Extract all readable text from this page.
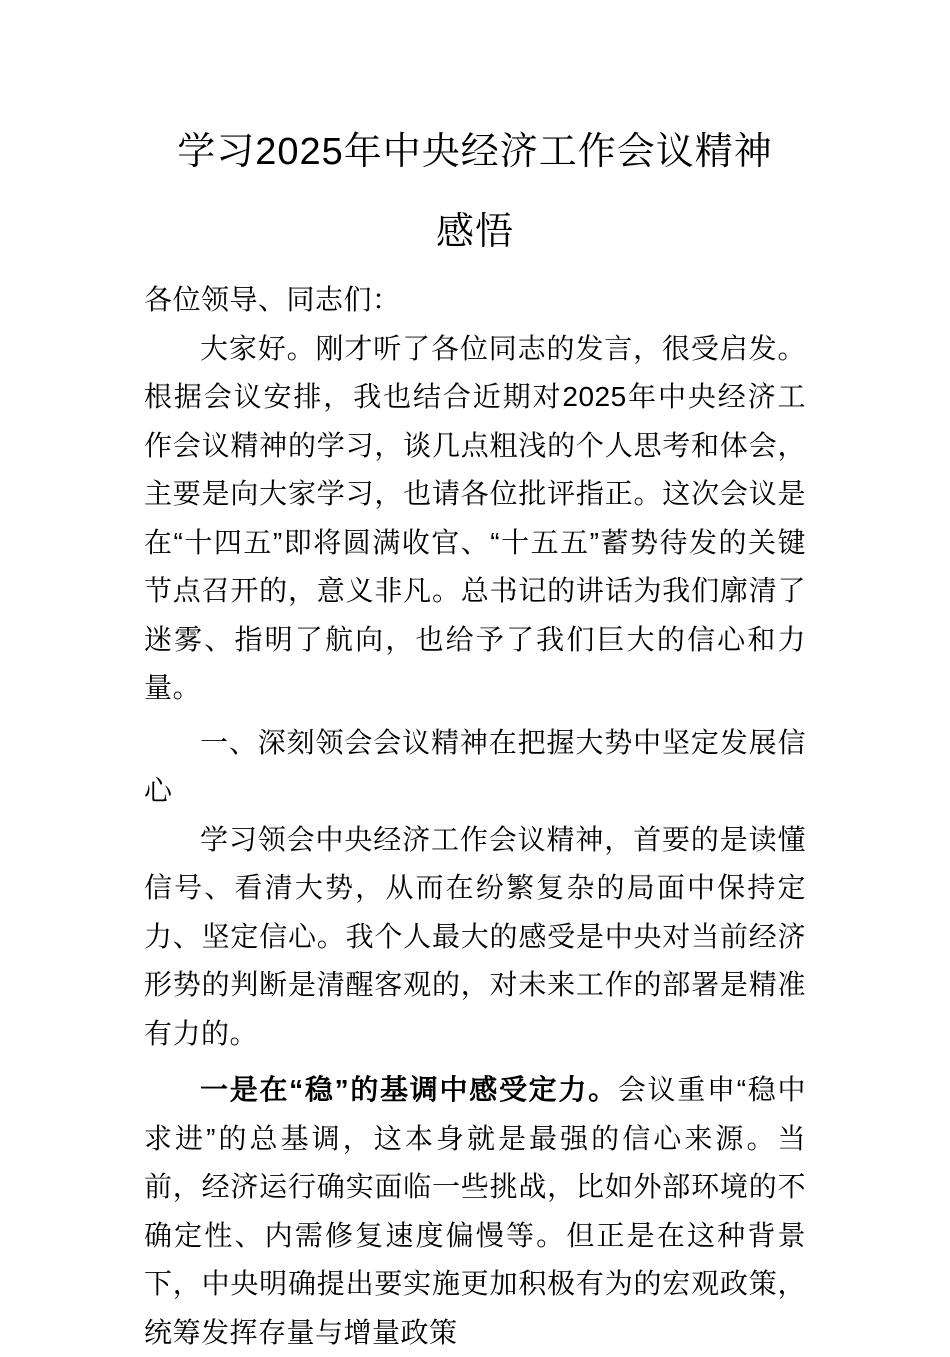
学习2025年中央经济工作会议精神
感悟

各位领导、同志们：

大家好。刚才听了各位同志的发言，很受启发。根据会议安排，我也结合近期对2025年中央经济工作会议精神的学习，谈几点粗浅的个人思考和体会，主要是向大家学习，也请各位批评指正。这次会议是在“十四五”即将圆满收官、“十五五”蓄势待发的关键节点召开的，意义非凡。总书记的讲话为我们廓清了迷雾、指明了航向，也给予了我们巨大的信心和力量。

一、深刻领会会议精神在把握大势中坚定发展信心

学习领会中央经济工作会议精神，首要的是读懂信号、看清大势，从而在纷繁复杂的局面中保持定力、坚定信心。我个人最大的感受是中央对当前经济形势的判断是清醒客观的，对未来工作的部署是精准有力的。

一是在“稳”的基调中感受定力。会议重申“稳中求进”的总基调，这本身就是最强的信心来源。当前，经济运行确实面临一些挑战，比如外部环境的不确定性、内需修复速度偏慢等。但正是在这种背景下，中央明确提出要实施更加积极有为的宏观政策，统筹发挥存量与增量政策
